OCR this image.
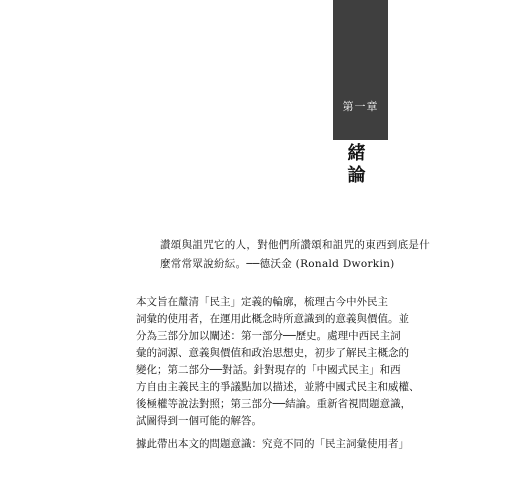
第一章
緒 論
讚頌與詛咒它的人，對他們所讚頌和詛咒的東西到底是什
麼常常眾說紛紜。──德沃金 (Ronald Dworkin)
本文旨在釐清「民主」定義的輪廓，梳理古今中外民主
詞彙的使用者，在運用此概念時所意識到的意義與價值。並
分為三部分加以闡述：第一部分──歷史。處理中西民主詞
彙的詞源、意義與價值和政治思想史，初步了解民主概念的
變化；第二部分──對話。針對現存的「中國式民主」和西
方自由主義民主的爭議點加以描述，並將中國式民主和威權、
後極權等說法對照；第三部分──結論。重新省視問題意識，
試圖得到一個可能的解答。
據此帶出本文的問題意識：究竟不同的「民主詞彙使用者」
